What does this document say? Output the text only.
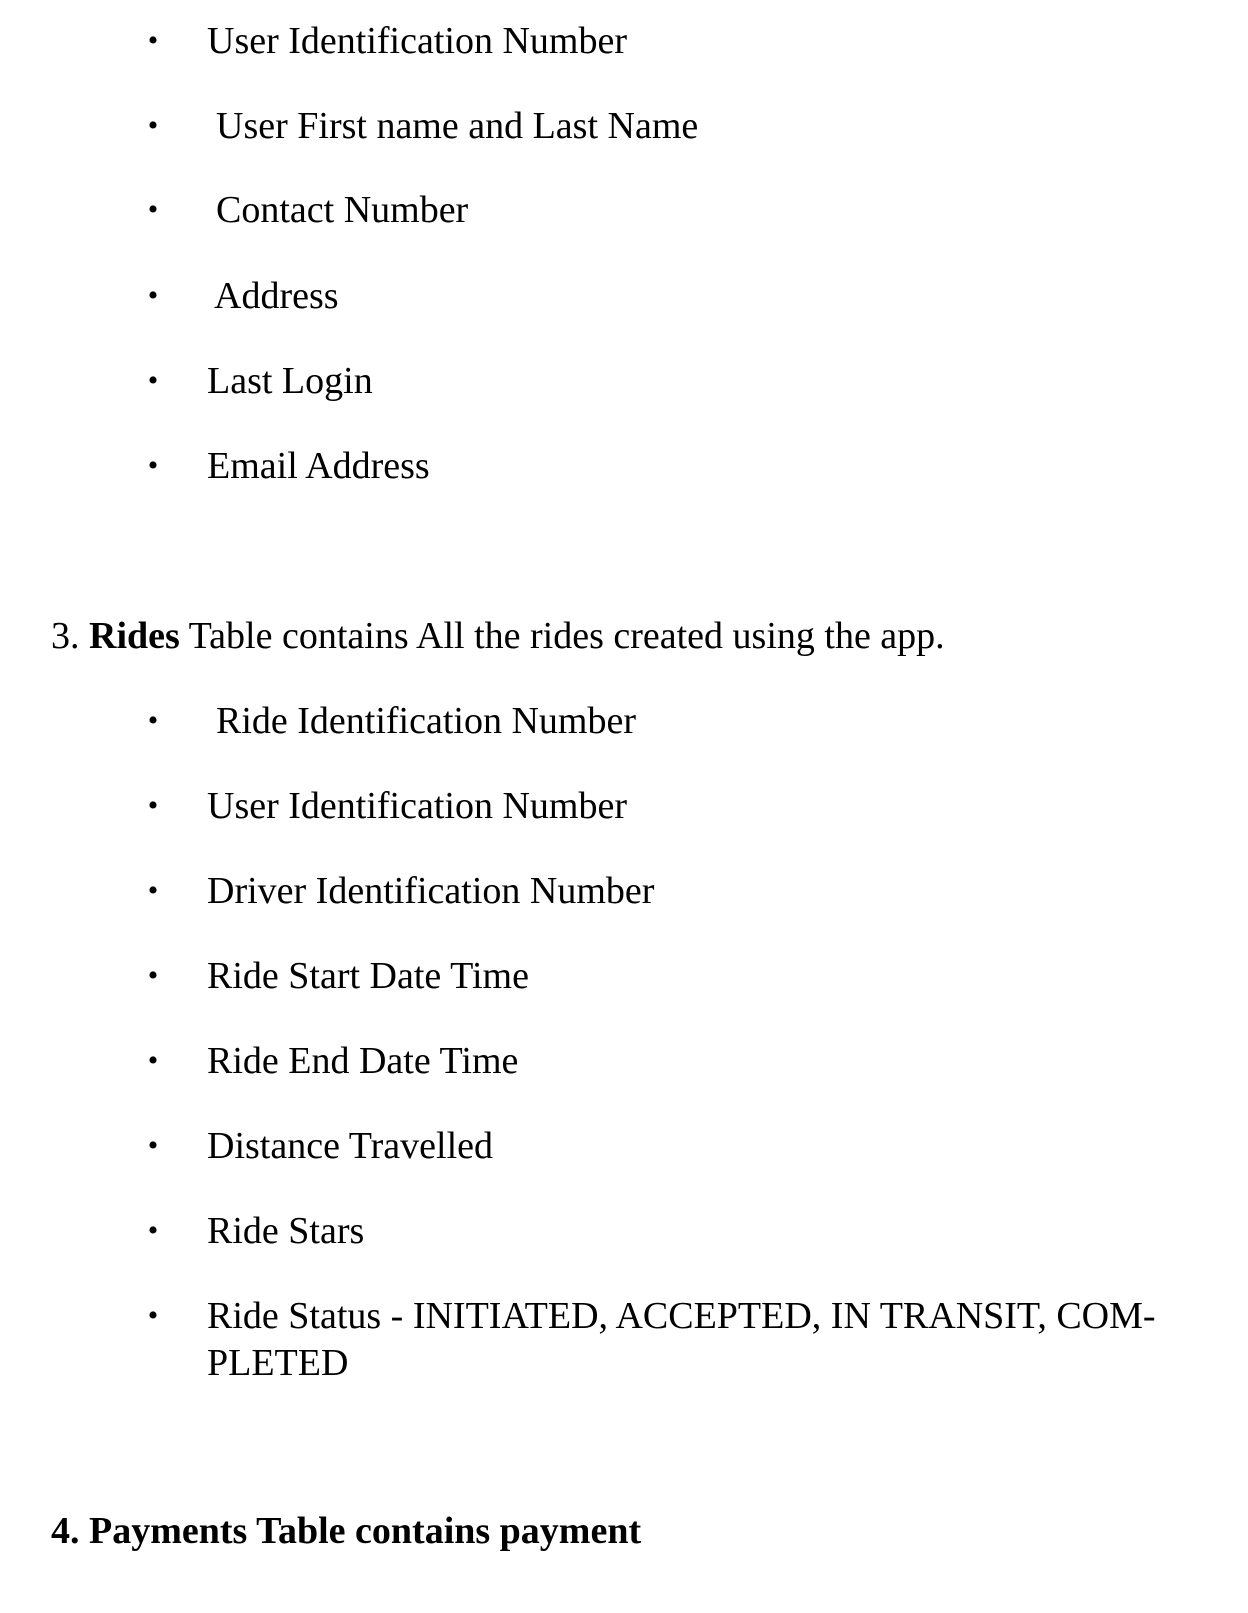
• User Identification Number
• User First name and Last Name
• Contact Number
• Address
• Last Login
• Email Address
3. Rides Table contains All the rides created using the app.
• Ride Identification Number
• User Identification Number
• Driver Identification Number
• Ride Start Date Time
• Ride End Date Time
• Distance Travelled
• Ride Stars
• Ride Status - INITIATED, ACCEPTED, IN TRANSIT, COM-PLETED
4. Payments Table contains payment
